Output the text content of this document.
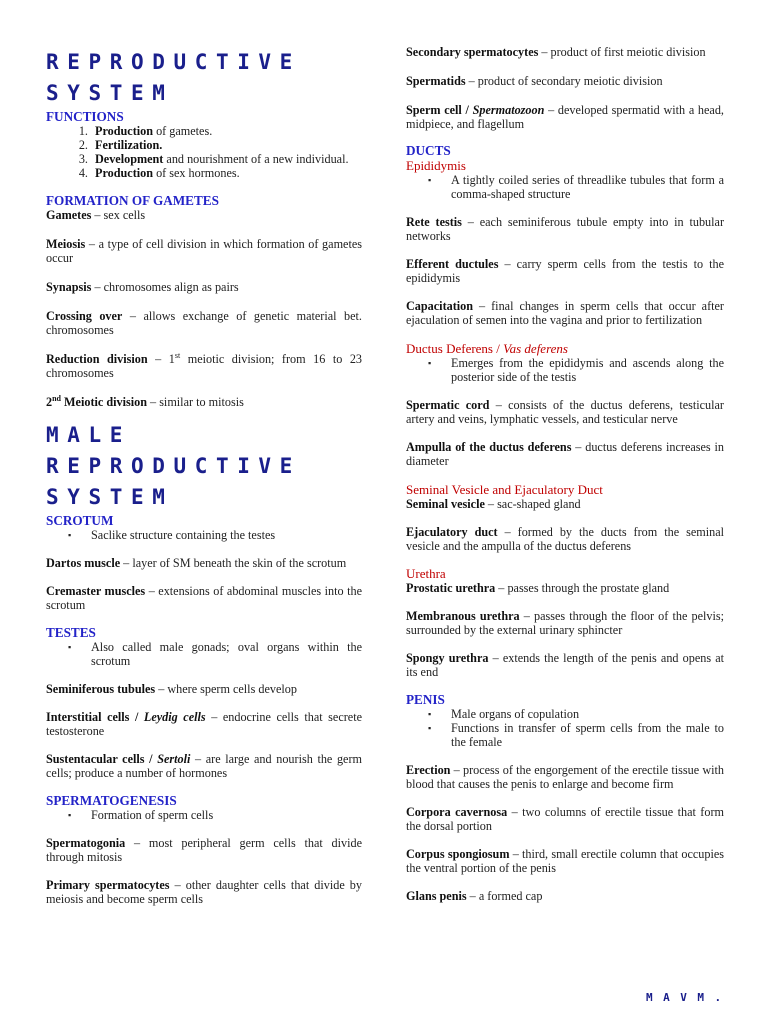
REPRODUCTIVE
SYSTEM
FUNCTIONS
1. Production of gametes.
2. Fertilization.
3. Development and nourishment of a new individual.
4. Production of sex hormones.
FORMATION OF GAMETES

Gametes – sex cells

Meiosis – a type of cell division in which formation of gametes occur

Synapsis – chromosomes align as pairs

Crossing over – allows exchange of genetic material bet. chromosomes

Reduction division – 1st meiotic division; from 16 to 23 chromosomes

2nd Meiotic division – similar to mitosis

MALE
REPRODUCTIVE
SYSTEM
SCROTUM
▪ Saclike structure containing the testes

Dartos muscle – layer of SM beneath the skin of the scrotum

Cremaster muscles – extensions of abdominal muscles into the scrotum

TESTES
▪ Also called male gonads; oval organs within the scrotum

Seminiferous tubules – where sperm cells develop

Interstitial cells / Leydig cells – endocrine cells that secrete testosterone

Sustentacular cells / Sertoli – are large and nourish the germ cells; produce a number of hormones

SPERMATOGENESIS
▪ Formation of sperm cells

Spermatogonia – most peripheral germ cells that divide through mitosis

Primary spermatocytes – other daughter cells that divide by meiosis and become sperm cells

Secondary spermatocytes – product of first meiotic division

Spermatids – product of secondary meiotic division

Sperm cell / Spermatozoon – developed spermatid with a head, midpiece, and flagellum

DUCTS
Epididymis
▪ A tightly coiled series of threadlike tubules that form a comma-shaped structure

Rete testis – each seminiferous tubule empty into in tubular networks

Efferent ductules – carry sperm cells from the testis to the epididymis

Capacitation – final changes in sperm cells that occur after ejaculation of semen into the vagina and prior to fertilization

Ductus Deferens / Vas deferens
▪ Emerges from the epididymis and ascends along the posterior side of the testis

Spermatic cord – consists of the ductus deferens, testicular artery and veins, lymphatic vessels, and testicular nerve

Ampulla of the ductus deferens – ductus deferens increases in diameter

Seminal Vesicle and Ejaculatory Duct

Seminal vesicle – sac-shaped gland

Ejaculatory duct – formed by the ducts from the seminal vesicle and the ampulla of the ductus deferens

Urethra

Prostatic urethra – passes through the prostate gland

Membranous urethra – passes through the floor of the pelvis; surrounded by the external urinary sphincter

Spongy urethra – extends the length of the penis and opens at its end

PENIS
▪ Male organs of copulation
▪ Functions in transfer of sperm cells from the male to the female

Erection – process of the engorgement of the erectile tissue with blood that causes the penis to enlarge and become firm

Corpora cavernosa – two columns of erectile tissue that form the dorsal portion

Corpus spongiosum – third, small erectile column that occupies the ventral portion of the penis

Glans penis – a formed cap

MAVM.
